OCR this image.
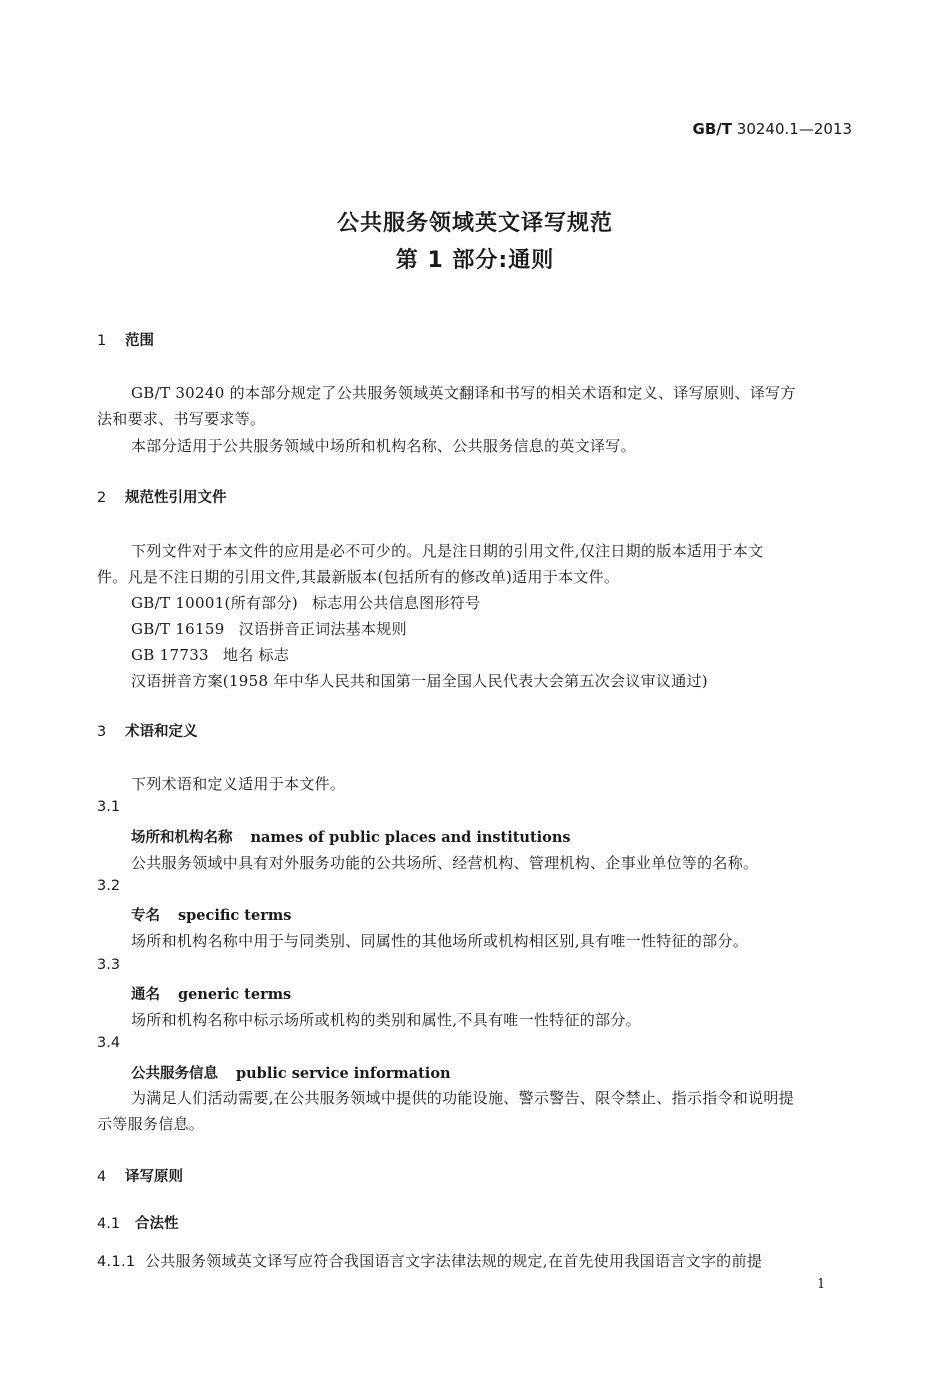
GB/T 30240.1—2013
公共服务领域英文译写规范
第 1 部分:通则
1 范围
GB/T 30240 的本部分规定了公共服务领域英文翻译和书写的相关术语和定义、译写原则、译写方
法和要求、书写要求等。
本部分适用于公共服务领域中场所和机构名称、公共服务信息的英文译写。
2 规范性引用文件
下列文件对于本文件的应用是必不可少的。凡是注日期的引用文件,仅注日期的版本适用于本文
件。凡是不注日期的引用文件,其最新版本(包括所有的修改单)适用于本文件。
GB/T 10001(所有部分) 标志用公共信息图形符号
GB/T 16159 汉语拼音正词法基本规则
GB 17733 地名 标志
汉语拼音方案(1958 年中华人民共和国第一届全国人民代表大会第五次会议审议通过)
3 术语和定义
下列术语和定义适用于本文件。
3.1
场所和机构名称 names of public places and institutions
公共服务领域中具有对外服务功能的公共场所、经营机构、管理机构、企事业单位等的名称。
3.2
专名 specific terms
场所和机构名称中用于与同类别、同属性的其他场所或机构相区别,具有唯一性特征的部分。
3.3
通名 generic terms
场所和机构名称中标示场所或机构的类别和属性,不具有唯一性特征的部分。
3.4
公共服务信息 public service information
为满足人们活动需要,在公共服务领域中提供的功能设施、警示警告、限令禁止、指示指令和说明提
示等服务信息。
4 译写原则
4.1 合法性
4.1.1 公共服务领域英文译写应符合我国语言文字法律法规的规定,在首先使用我国语言文字的前提
1
